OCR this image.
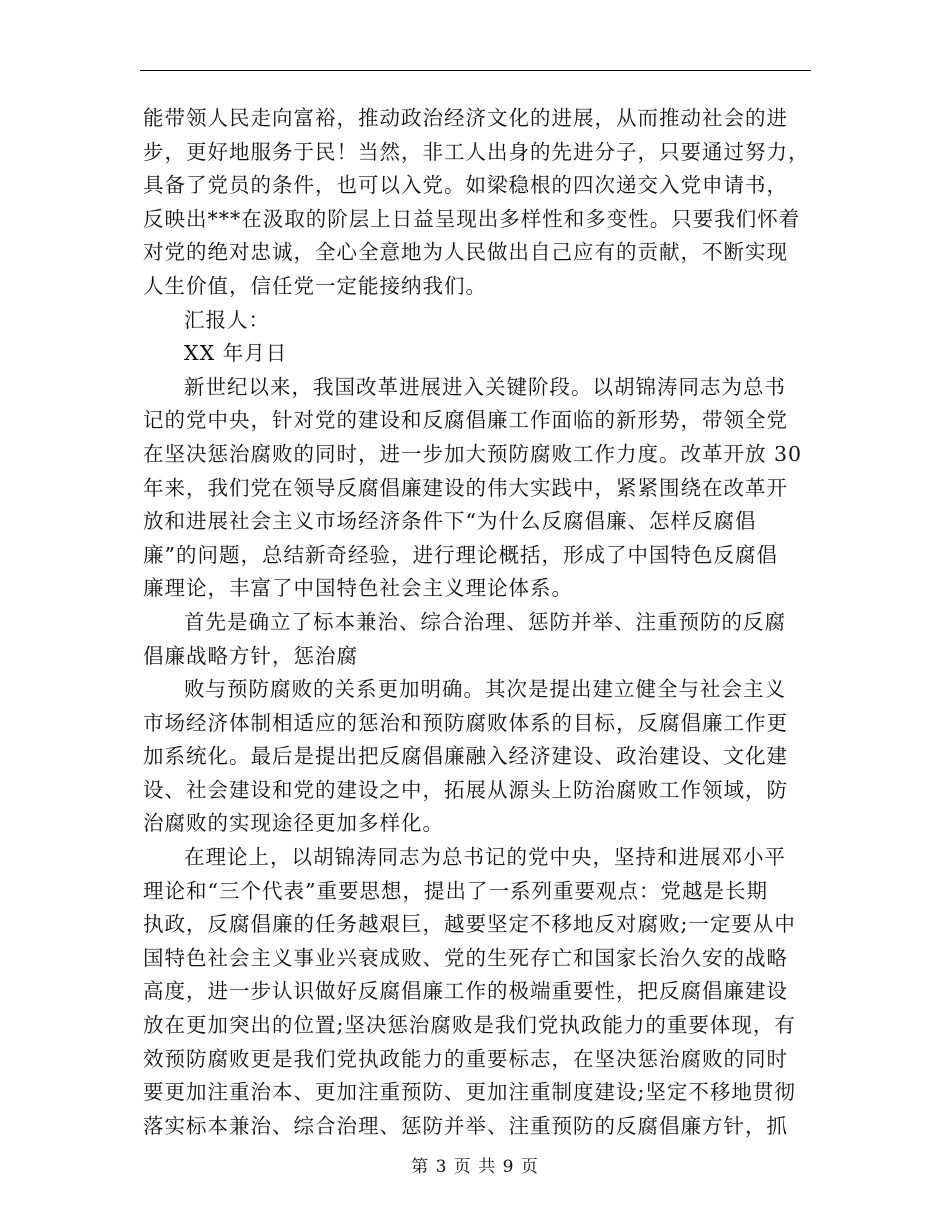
能带领人民走向富裕，推动政治经济文化的进展，从而推动社会的进
步，更好地服务于民！当然，非工人出身的先进分子，只要通过努力，
具备了党员的条件，也可以入党。如梁稳根的四次递交入党申请书，
反映出***在汲取的阶层上日益呈现出多样性和多变性。只要我们怀着
对党的绝对忠诚，全心全意地为人民做出自己应有的贡献，不断实现
人生价值，信任党一定能接纳我们。
汇报人：
XX 年月日
新世纪以来，我国改革进展进入关键阶段。以胡锦涛同志为总书
记的党中央，针对党的建设和反腐倡廉工作面临的新形势，带领全党
在坚决惩治腐败的同时，进一步加大预防腐败工作力度。改革开放 30
年来，我们党在领导反腐倡廉建设的伟大实践中，紧紧围绕在改革开
放和进展社会主义市场经济条件下“为什么反腐倡廉、怎样反腐倡
廉”的问题，总结新奇经验，进行理论概括，形成了中国特色反腐倡
廉理论，丰富了中国特色社会主义理论体系。
首先是确立了标本兼治、综合治理、惩防并举、注重预防的反腐
倡廉战略方针，惩治腐
败与预防腐败的关系更加明确。其次是提出建立健全与社会主义
市场经济体制相适应的惩治和预防腐败体系的目标，反腐倡廉工作更
加系统化。最后是提出把反腐倡廉融入经济建设、政治建设、文化建
设、社会建设和党的建设之中，拓展从源头上防治腐败工作领域，防
治腐败的实现途径更加多样化。
在理论上，以胡锦涛同志为总书记的党中央，坚持和进展邓小平
理论和“三个代表”重要思想，提出了一系列重要观点：党越是长期
执政，反腐倡廉的任务越艰巨，越要坚定不移地反对腐败;一定要从中
国特色社会主义事业兴衰成败、党的生死存亡和国家长治久安的战略
高度，进一步认识做好反腐倡廉工作的极端重要性，把反腐倡廉建设
放在更加突出的位置;坚决惩治腐败是我们党执政能力的重要体现，有
效预防腐败更是我们党执政能力的重要标志，在坚决惩治腐败的同时
要更加注重治本、更加注重预防、更加注重制度建设;坚定不移地贯彻
落实标本兼治、综合治理、惩防并举、注重预防的反腐倡廉方针，抓
第 3 页 共 9 页
